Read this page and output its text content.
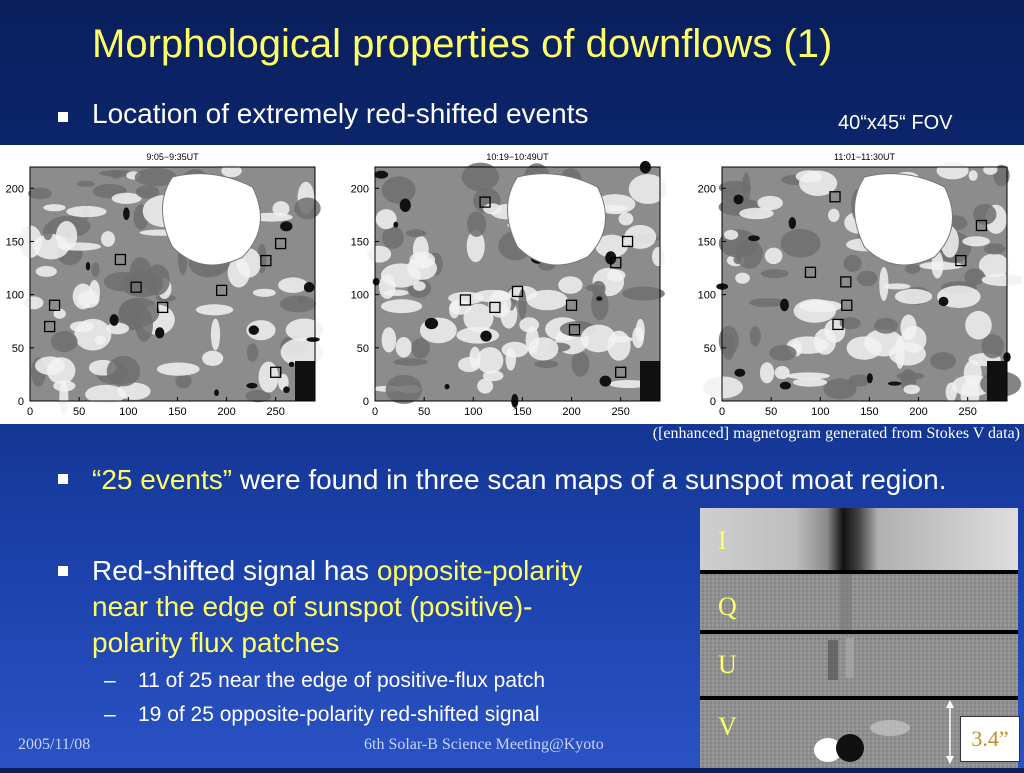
Morphological properties of downflows (1)
Location of extremely red-shifted events	40“x45“ FOV
9:05−9:35UT
0	50	100	150	200	250
0
50
100
150
200
10:19−10:49UT
0	50	100	150	200	250
0
50
100
150
200
11:01−11:30UT
0	50	100	150	200	250
0
50
100
150
200
([enhanced] magnetogram generated from Stokes V data)
“25 events” were found in three scan maps of a sunspot moat region.
Red-shifted signal has opposite-polarity near the edge of sunspot (positive)-polarity flux patches
– 11 of 25 near the edge of positive-flux patch
– 19 of 25 opposite-polarity red-shifted signal
I
Q
U
V	3.4”
2005/11/08	6th Solar-B Science Meeting@Kyoto
